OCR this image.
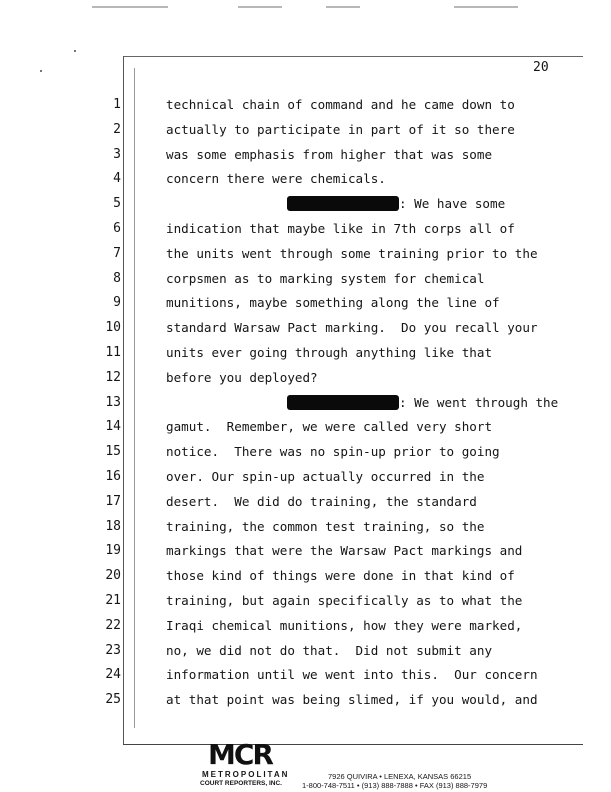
20
1	technical chain of command and he came down to
2	actually to participate in part of it so there
3	was some emphasis from higher that was some
4	concern there were chemicals.
5	: We have some
6	indication that maybe like in 7th corps all of
7	the units went through some training prior to the
8	corpsmen as to marking system for chemical
9	munitions, maybe something along the line of
10	standard Warsaw Pact marking.  Do you recall your
11	units ever going through anything like that
12	before you deployed?
13	: We went through the
14	gamut.  Remember, we were called very short
15	notice.  There was no spin-up prior to going
16	over. Our spin-up actually occurred in the
17	desert.  We did do training, the standard
18	training, the common test training, so the
19	markings that were the Warsaw Pact markings and
20	those kind of things were done in that kind of
21	training, but again specifically as to what the
22	Iraqi chemical munitions, how they were marked,
23	no, we did not do that.  Did not submit any
24	information until we went into this.  Our concern
25	at that point was being slimed, if you would, and
MCR
METROPOLITAN
COURT REPORTERS, INC.
7926 QUIVIRA • LENEXA, KANSAS 66215
1-800-748-7511 • (913) 888-7888 • FAX (913) 888-7979
